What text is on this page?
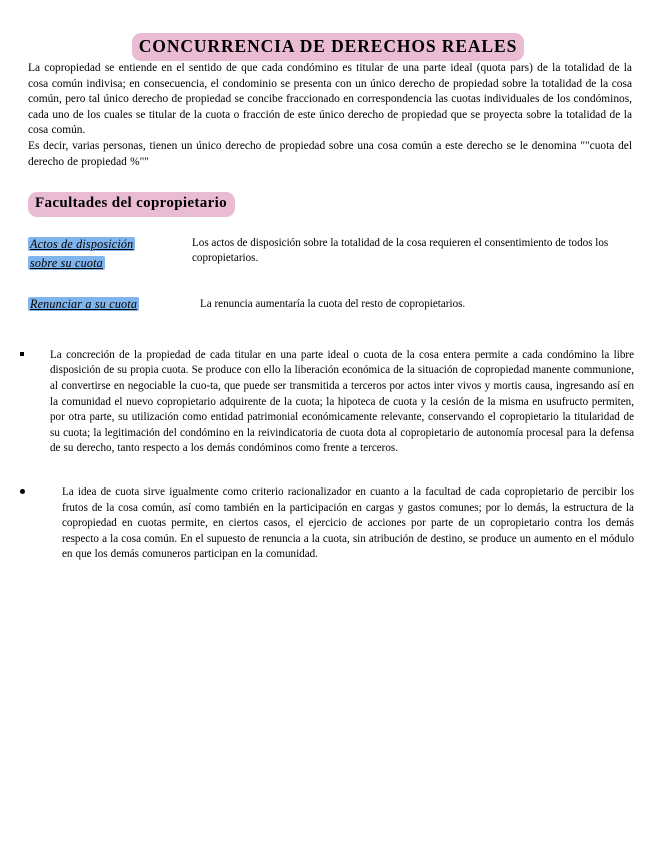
CONCURRENCIA DE DERECHOS REALES

La copropiedad se entiende en el sentido de que cada condómino es titular de una parte ideal (quota pars) de la totalidad de la cosa común indivisa; en consecuencia, el condominio se presenta con un único derecho de propiedad sobre la totalidad de la cosa común, pero tal único derecho de propiedad se concibe fraccionado en correspondencia las cuotas individuales de los condóminos, cada uno de los cuales se titular de la cuota o fracción de este único derecho de propiedad que se proyecta sobre la totalidad de la cosa común.

Es decir, varias personas, tienen un único derecho de propiedad sobre una cosa común a este derecho se le denomina ""cuota del derecho de propiedad %""

Facultades del copropietario
Actos de disposición
sobre su cuota
Los actos de disposición sobre la totalidad de la cosa requieren el consentimiento de todos los copropietarios.
Renunciar a su cuota	La renuncia aumentaría la cuota del resto de copropietarios.
La concreción de la propiedad de cada titular en una parte ideal o cuota de la cosa entera permite a cada condómino la libre disposición de su propia cuota. Se produce con ello la liberación económica de la situación de copropiedad manente communione, al convertirse en negociable la cuo-ta, que puede ser transmitida a terceros por actos inter vivos y mortis causa, ingresando así en la comunidad el nuevo copropietario adquirente de la cuota; la hipoteca de cuota y la cesión de la misma en usufructo permiten, por otra parte, su utilización como entidad patrimonial económicamente relevante, conservando el copropietario la titularidad de su cuota; la legitimación del condómino en la reivindicatoria de cuota dota al copropietario de autonomía procesal para la defensa de su derecho, tanto respecto a los demás condóminos como frente a terceros.
La idea de cuota sirve igualmente como criterio racionalizador en cuanto a la facultad de cada copropietario de percibir los frutos de la cosa común, así como también en la participación en cargas y gastos comunes; por lo demás, la estructura de la copropiedad en cuotas permite, en ciertos casos, el ejercicio de acciones por parte de un copropietario contra los demás respecto a la cosa común. En el supuesto de renuncia a la cuota, sin atribución de destino, se produce un aumento en el módulo en que los demás comuneros participan en la comunidad.
